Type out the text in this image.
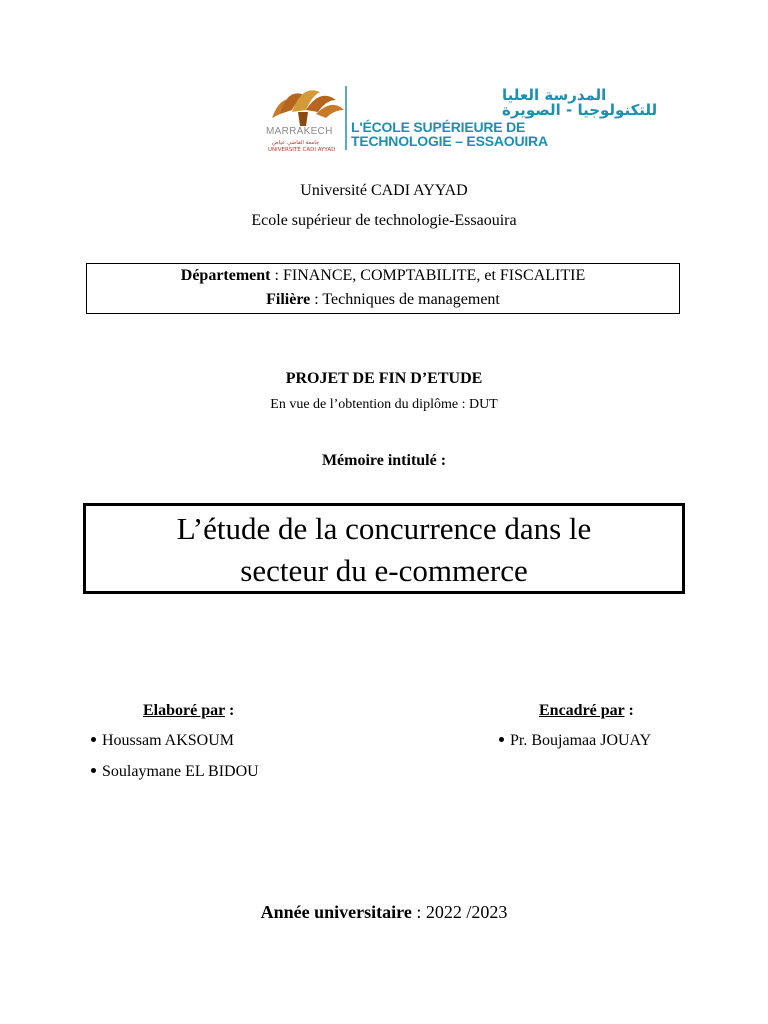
MARRAKECH
جامعة القاضي عياض
UNIVERSITÉ CADI AYYAD
المدرسة العليا
للتكنولوجيا - الصويرة
L'ÉCOLE SUPÉRIEURE DE
TECHNOLOGIE – ESSAOUIRA
Université CADI AYYAD
Ecole supérieur de technologie-Essaouira
Département : FINANCE, COMPTABILITE, et FISCALITIE
Filière : Techniques de management
PROJET DE FIN D’ETUDE
En vue de l’obtention du diplôme : DUT
Mémoire intitulé :
L’étude de la concurrence dans le
secteur du e-commerce
Elaboré par :
Houssam AKSOUM
Soulaymane EL BIDOU
Encadré par :
Pr. Boujamaa JOUAY
Année universitaire : 2022 /2023
